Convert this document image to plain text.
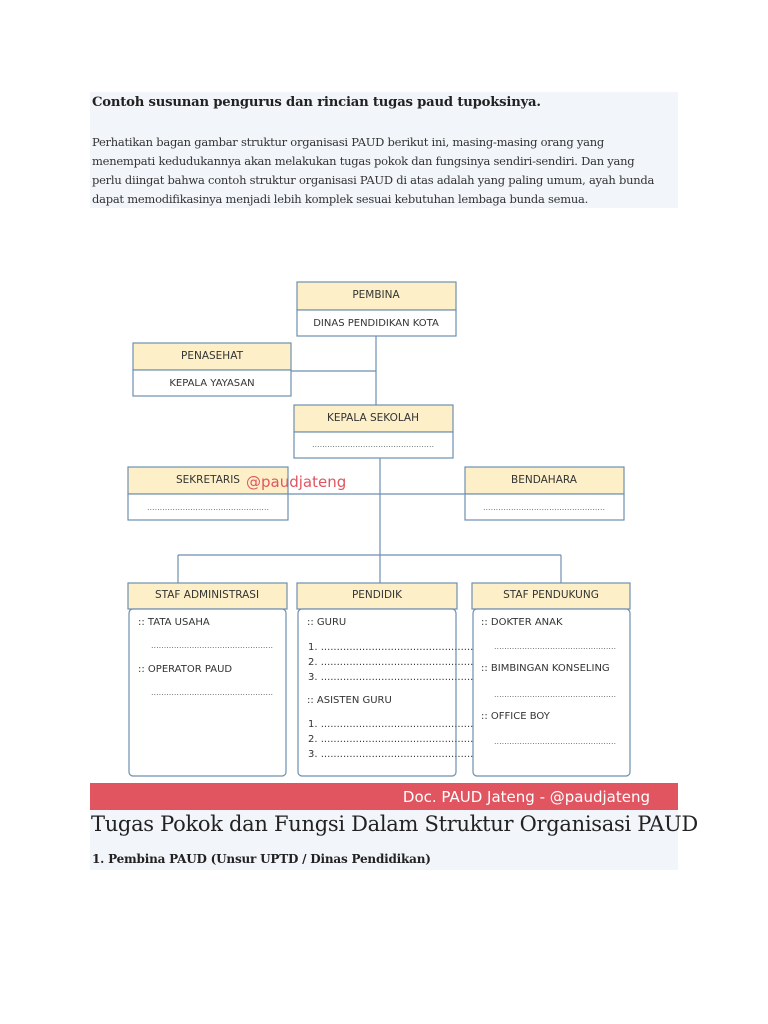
Contoh susunan pengurus dan rincian tugas paud tupoksinya.
Perhatikan bagan gambar struktur organisasi PAUD berikut ini, masing-masing orang yang
menempati kedudukannya akan melakukan tugas pokok dan fungsinya sendiri-sendiri. Dan yang
perlu diingat bahwa contoh struktur organisasi PAUD di atas adalah yang paling umum, ayah bunda
dapat memodifikasinya menjadi lebih komplek sesuai kebutuhan lembaga bunda semua.
PEMBINA
DINAS PENDIDIKAN KOTA
PENASEHAT
KEPALA YAYASAN
KEPALA SEKOLAH
................................................
SEKRETARIS
................................................
@paudjateng	BENDAHARA
................................................
STAF ADMINISTRASI
:: TATA USAHA
................................................
:: OPERATOR PAUD
................................................
PENDIDIK
:: GURU
1. ................................................
2. ................................................
3. ................................................
:: ASISTEN GURU
1. ................................................
2. ................................................
3. ................................................
STAF PENDUKUNG
:: DOKTER ANAK
................................................
:: BIMBINGAN KONSELING
................................................
:: OFFICE BOY
................................................
Doc. PAUD Jateng - @paudjateng
Tugas Pokok dan Fungsi Dalam Struktur Organisasi PAUD
1. Pembina PAUD (Unsur UPTD / Dinas Pendidikan)
